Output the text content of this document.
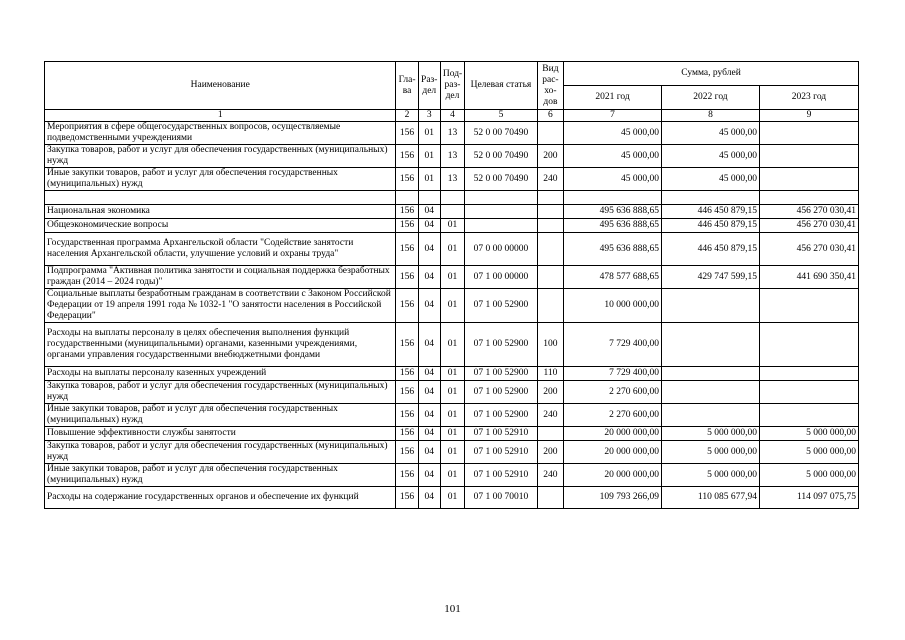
Наименование	Гла-ва	Раз-дел	Под-раз-дел	Целевая статья	Вид рас-хо-дов	Сумма, рублей		
						2021 год	2022 год	2023 год
1	2	3	4	5	6	7	8	9
Мероприятия в сфере общегосударственных вопросов, осуществляемые подведомственными учреждениями	156	01	13	52 0 00 70490		45 000,00	45 000,00	
Закупка товаров, работ и услуг для обеспечения государственных (муниципальных) нужд	156	01	13	52 0 00 70490	200	45 000,00	45 000,00	
Иные закупки товаров, работ и услуг для обеспечения государственных (муниципальных) нужд	156	01	13	52 0 00 70490	240	45 000,00	45 000,00	

Национальная экономика	156	04				495 636 888,65	446 450 879,15	456 270 030,41
Общеэкономические вопросы	156	04	01			495 636 888,65	446 450 879,15	456 270 030,41
Государственная программа Архангельской области "Содействие занятости населения Архангельской области, улучшение условий и охраны труда"	156	04	01	07 0 00 00000		495 636 888,65	446 450 879,15	456 270 030,41
Подпрограмма "Активная политика занятости и социальная поддержка безработных граждан (2014 – 2024 годы)"	156	04	01	07 1 00 00000		478 577 688,65	429 747 599,15	441 690 350,41
Социальные выплаты безработным гражданам в соответствии с Законом Российской Федерации от 19 апреля 1991 года № 1032-1 "О занятости населения в Российской Федерации"	156	04	01	07 1 00 52900		10 000 000,00		
Расходы на выплаты персоналу в целях обеспечения выполнения функций государственными (муниципальными) органами, казенными учреждениями, органами управления государственными внебюджетными фондами	156	04	01	07 1 00 52900	100	7 729 400,00		
Расходы на выплаты персоналу казенных учреждений	156	04	01	07 1 00 52900	110	7 729 400,00		
Закупка товаров, работ и услуг для обеспечения государственных (муниципальных) нужд	156	04	01	07 1 00 52900	200	2 270 600,00		
Иные закупки товаров, работ и услуг для обеспечения государственных (муниципальных) нужд	156	04	01	07 1 00 52900	240	2 270 600,00		
Повышение эффективности службы занятости	156	04	01	07 1 00 52910		20 000 000,00	5 000 000,00	5 000 000,00
Закупка товаров, работ и услуг для обеспечения государственных (муниципальных) нужд	156	04	01	07 1 00 52910	200	20 000 000,00	5 000 000,00	5 000 000,00
Иные закупки товаров, работ и услуг для обеспечения государственных (муниципальных) нужд	156	04	01	07 1 00 52910	240	20 000 000,00	5 000 000,00	5 000 000,00
Расходы на содержание государственных органов и обеспечение их функций	156	04	01	07 1 00 70010		109 793 266,09	110 085 677,94	114 097 075,75
101
